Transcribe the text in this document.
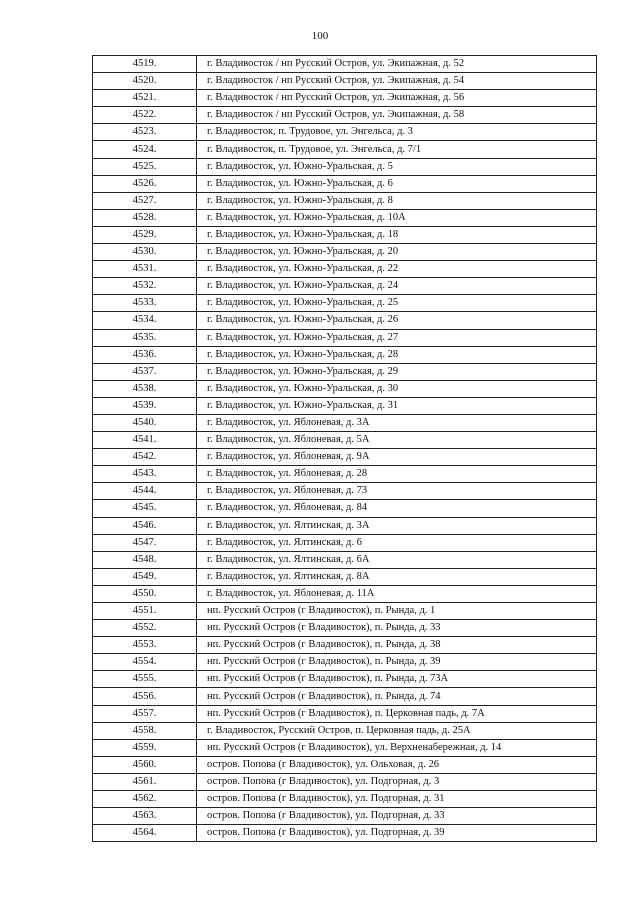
100
4519.	г. Владивосток / нп Русский Остров, ул. Экипажная, д. 52
4520.	г. Владивосток / нп Русский Остров, ул. Экипажная, д. 54
4521.	г. Владивосток / нп Русский Остров, ул. Экипажная, д. 56
4522.	г. Владивосток / нп Русский Остров, ул. Экипажная, д. 58
4523.	г. Владивосток, п. Трудовое, ул. Энгельса, д. 3
4524.	г. Владивосток, п. Трудовое, ул. Энгельса, д. 7/1
4525.	г. Владивосток, ул. Южно-Уральская, д. 5
4526.	г. Владивосток, ул. Южно-Уральская, д. 6
4527.	г. Владивосток, ул. Южно-Уральская, д. 8
4528.	г. Владивосток, ул. Южно-Уральская, д. 10А
4529.	г. Владивосток, ул. Южно-Уральская, д. 18
4530.	г. Владивосток, ул. Южно-Уральская, д. 20
4531.	г. Владивосток, ул. Южно-Уральская, д. 22
4532.	г. Владивосток, ул. Южно-Уральская, д. 24
4533.	г. Владивосток, ул. Южно-Уральская, д. 25
4534.	г. Владивосток, ул. Южно-Уральская, д. 26
4535.	г. Владивосток, ул. Южно-Уральская, д. 27
4536.	г. Владивосток, ул. Южно-Уральская, д. 28
4537.	г. Владивосток, ул. Южно-Уральская, д. 29
4538.	г. Владивосток, ул. Южно-Уральская, д. 30
4539.	г. Владивосток, ул. Южно-Уральская, д. 31
4540.	г. Владивосток, ул. Яблоневая, д. 3А
4541.	г. Владивосток, ул. Яблоневая, д. 5А
4542.	г. Владивосток, ул. Яблоневая, д. 9А
4543.	г. Владивосток, ул. Яблоневая, д. 28
4544.	г. Владивосток, ул. Яблоневая, д. 73
4545.	г. Владивосток, ул. Яблоневая, д. 84
4546.	г. Владивосток, ул. Ялтинская, д. 3А
4547.	г. Владивосток, ул. Ялтинская, д. 6
4548.	г. Владивосток, ул. Ялтинская, д. 6А
4549.	г. Владивосток, ул. Ялтинская, д. 8А
4550.	г. Владивосток, ул. Яблоневая, д. 11А
4551.	нп. Русский Остров (г Владивосток), п. Рында, д. 1
4552.	нп. Русский Остров (г Владивосток), п. Рында, д. 33
4553.	нп. Русский Остров (г Владивосток), п. Рында, д. 38
4554.	нп. Русский Остров (г Владивосток), п. Рында, д. 39
4555.	нп. Русский Остров (г Владивосток), п. Рында, д. 73А
4556.	нп. Русский Остров (г Владивосток), п. Рында, д. 74
4557.	нп. Русский Остров (г Владивосток), п. Церковная падь, д. 7А
4558.	г. Владивосток, Русский Остров, п. Церковная падь, д. 25А
4559.	нп. Русский Остров (г Владивосток), ул. Верхненабережная, д. 14
4560.	остров. Попова (г Владивосток), ул. Ольховая, д. 26
4561.	остров. Попова (г Владивосток), ул. Подгорная, д. 3
4562.	остров. Попова (г Владивосток), ул. Подгорная, д. 31
4563.	остров. Попова (г Владивосток), ул. Подгорная, д. 33
4564.	остров. Попова (г Владивосток), ул. Подгорная, д. 39
